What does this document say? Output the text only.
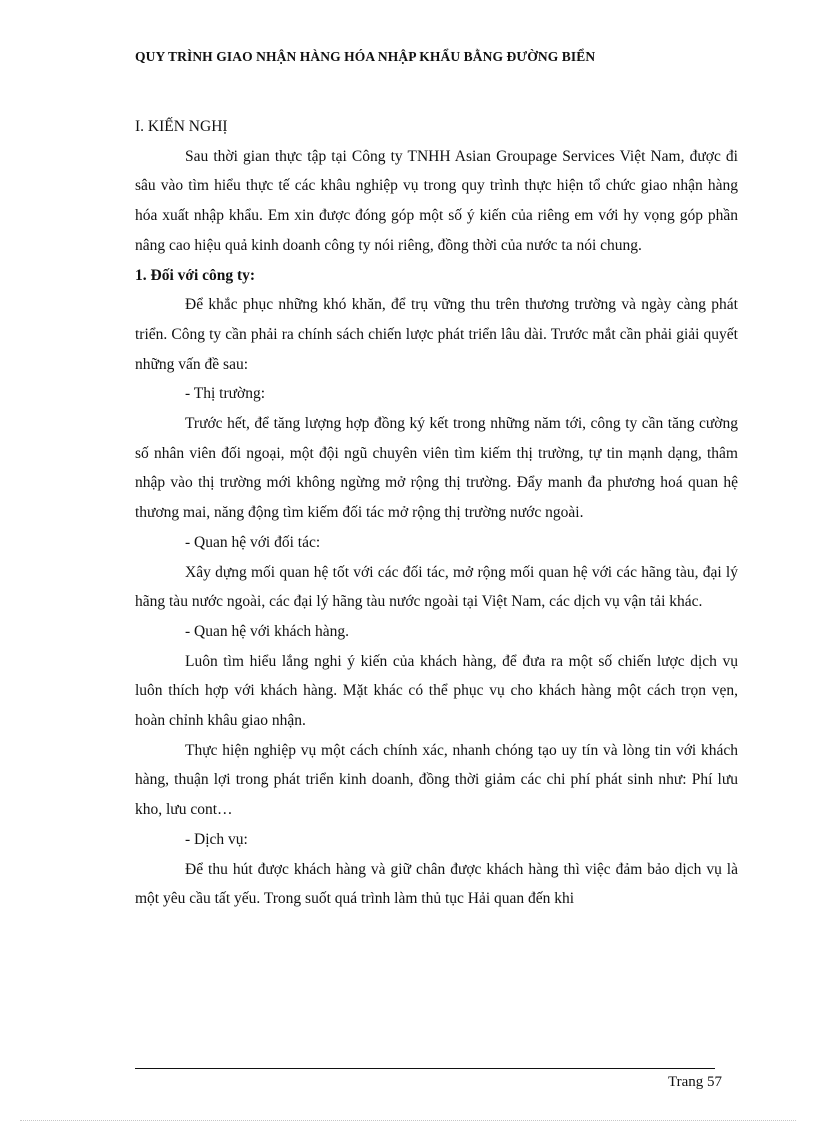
QUY TRÌNH GIAO NHẬN HÀNG HÓA NHẬP KHẨU BẰNG ĐƯỜNG BIỂN

I. KIẾN NGHỊ

Sau thời gian thực tập tại Công ty TNHH Asian Groupage Services Việt Nam, được đi sâu vào tìm hiểu thực tế các khâu nghiệp vụ trong quy trình thực hiện tổ chức giao nhận hàng hóa xuất nhập khẩu. Em xin được đóng góp một số ý kiến của riêng em với hy vọng góp phần nâng cao hiệu quả kinh doanh công ty nói riêng, đồng thời của nước ta nói chung.

1. Đối với công ty:

Để khắc phục những khó khăn, để trụ vững thu trên thương trường và ngày càng phát triển. Công ty cần phải ra chính sách chiến lược phát triển lâu dài. Trước mắt cần phải giải quyết những vấn đề sau:

- Thị trường:

Trước hết, để tăng lượng hợp đồng ký kết trong những năm tới, công ty cần tăng cường số nhân viên đối ngoại, một đội ngũ chuyên viên tìm kiếm thị trường, tự tin mạnh dạng, thâm nhập vào thị trường mới không ngừng mở rộng thị trường. Đẩy manh đa phương hoá quan hệ thương mai, năng động tìm kiếm đối tác mở rộng thị trường nước ngoài.

- Quan hệ với đối tác:

Xây dựng mối quan hệ tốt với các đối tác, mở rộng mối quan hệ với các hãng tàu, đại lý hãng tàu nước ngoài, các đại lý hãng tàu nước ngoài tại Việt Nam, các dịch vụ vận tải khác.

- Quan hệ với khách hàng.

Luôn tìm hiểu lắng nghi ý kiến của khách hàng, để đưa ra một số chiến lược dịch vụ luôn thích hợp với khách hàng. Mặt khác có thể phục vụ cho khách hàng một cách trọn vẹn, hoàn chỉnh khâu giao nhận.

Thực hiện nghiệp vụ một cách chính xác, nhanh chóng tạo uy tín và lòng tin với khách hàng, thuận lợi trong phát triển kinh doanh, đồng thời giảm các chi phí phát sinh như: Phí lưu kho, lưu cont…

- Dịch vụ:

Để thu hút được khách hàng và giữ chân được khách hàng thì việc đảm bảo dịch vụ là một yêu cầu tất yếu. Trong suốt quá trình làm thủ tục Hải quan đến khi

Trang 57
